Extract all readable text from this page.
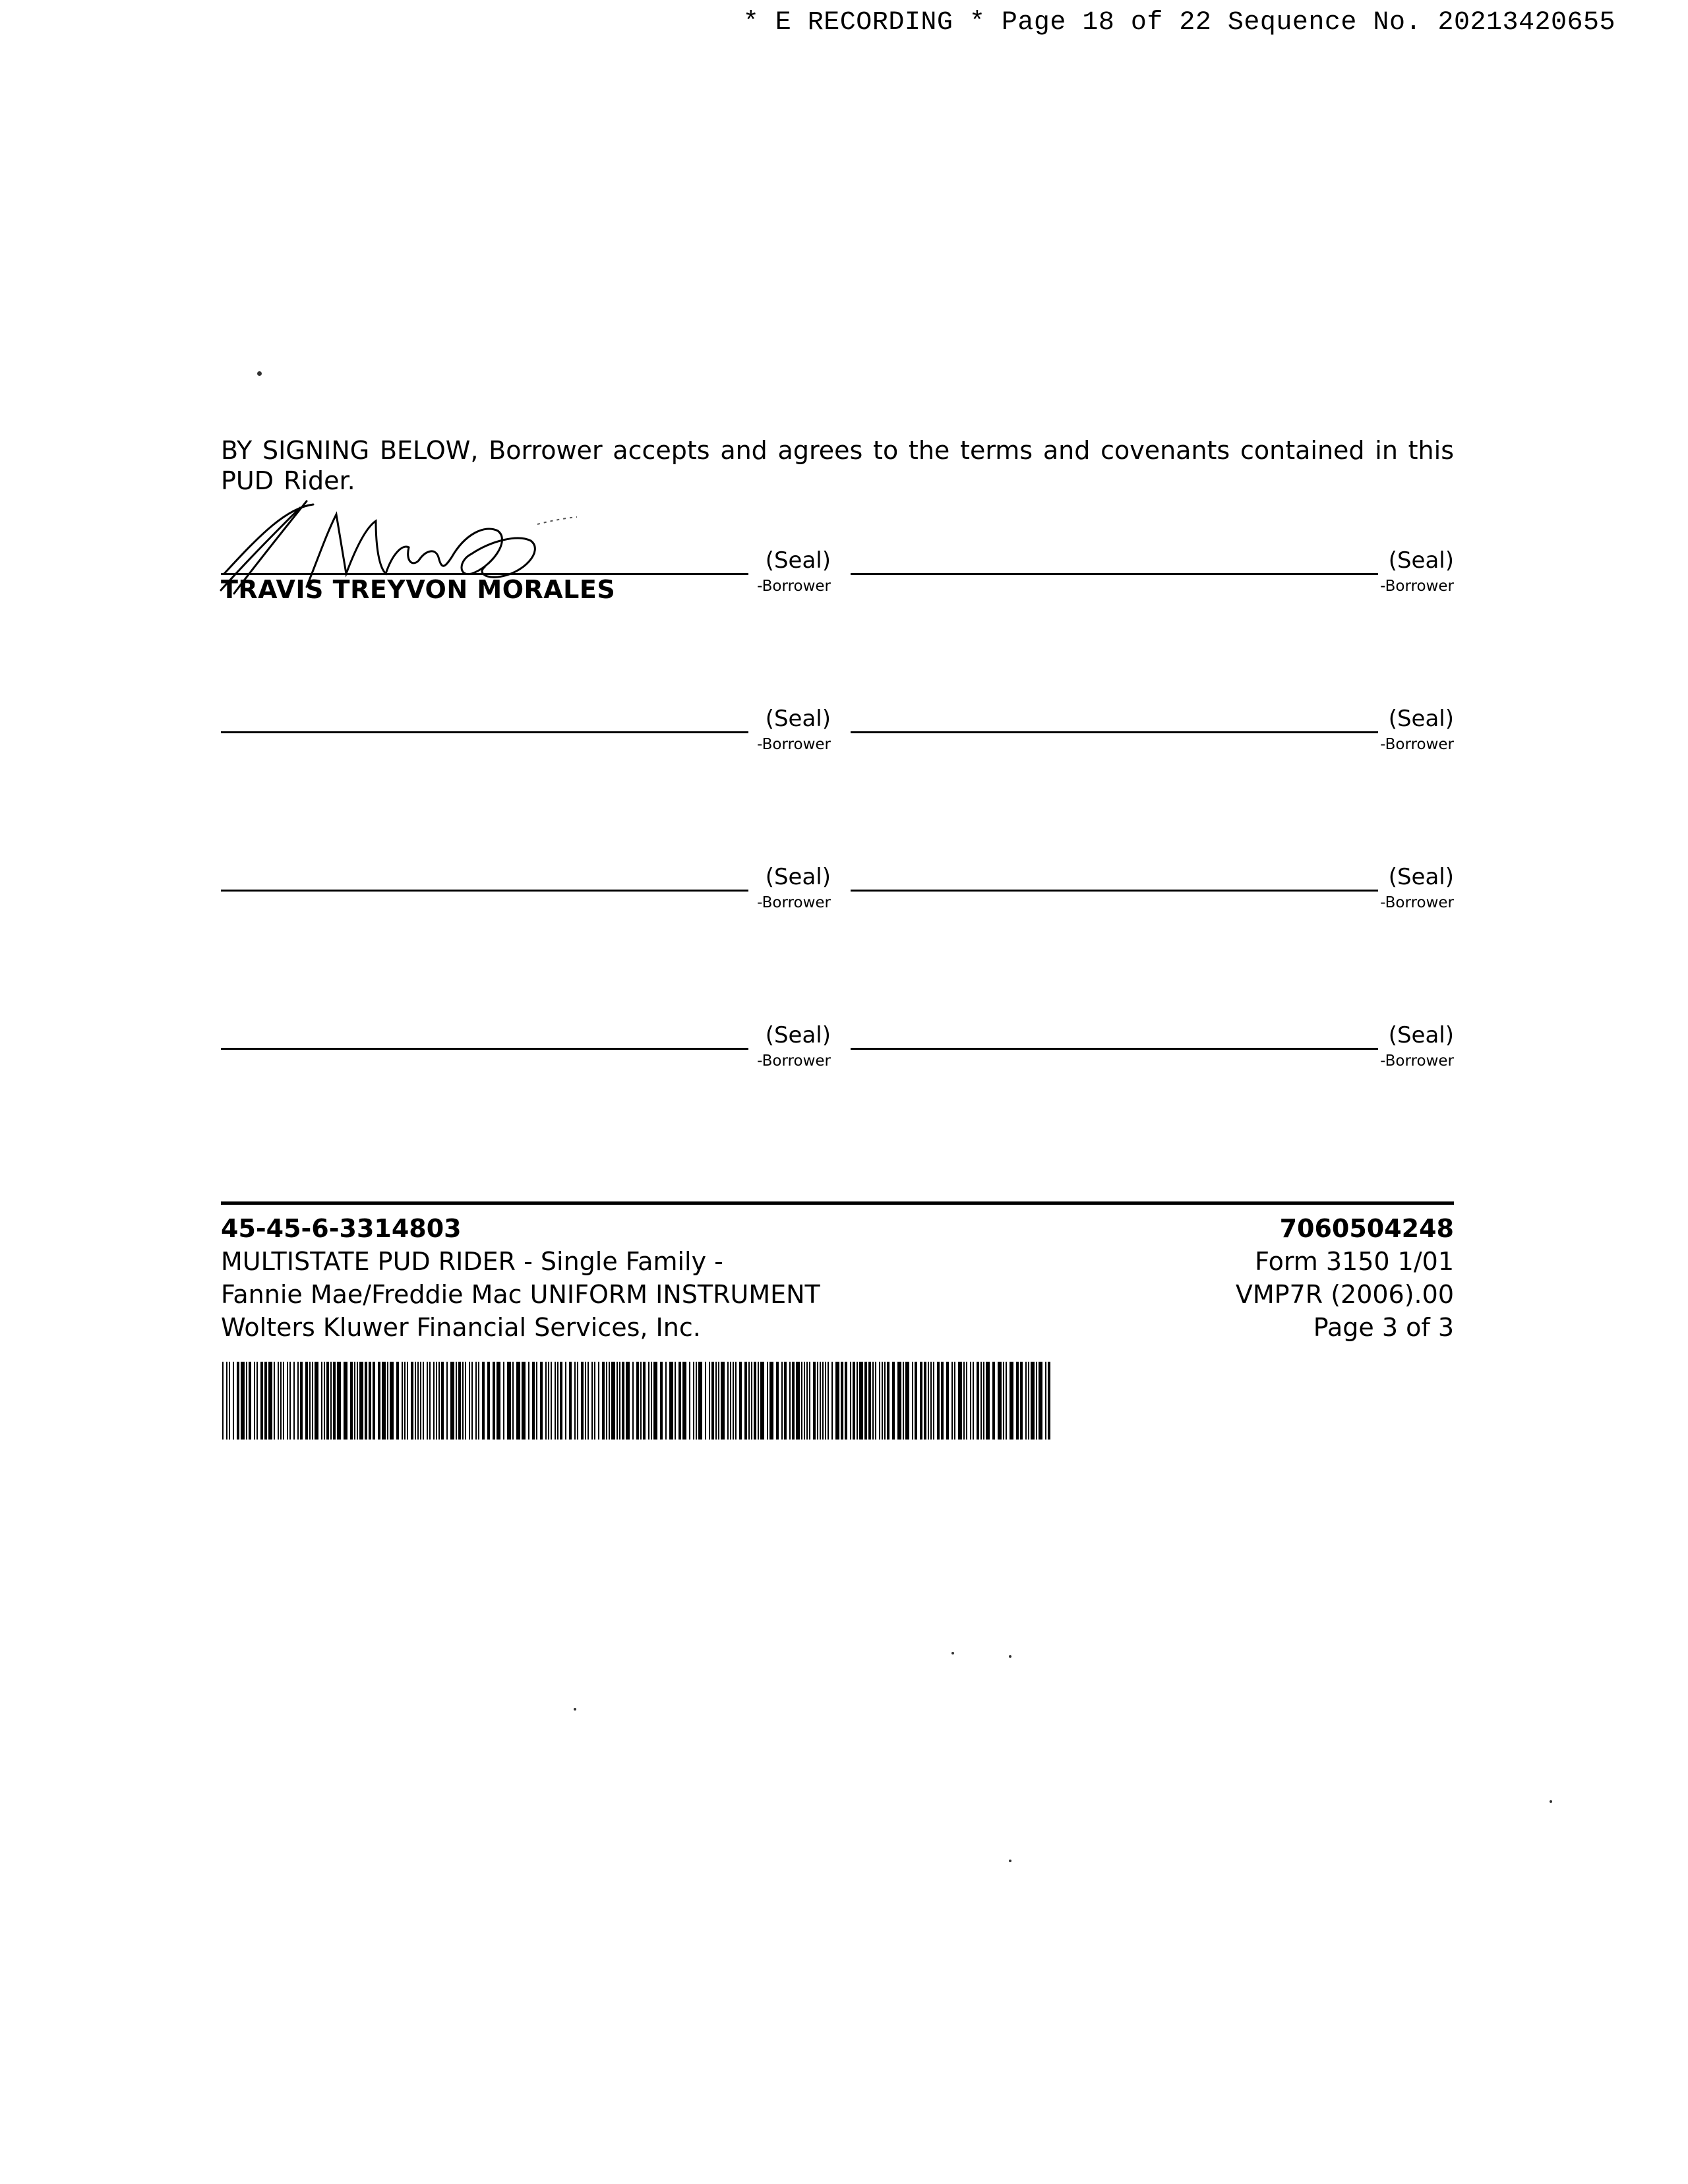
* E RECORDING * Page 18 of 22 Sequence No. 20213420655
BY SIGNING BELOW, Borrower accepts and agrees to the terms and covenants contained in this PUD Rider.
(Seal)
-Borrower
TRAVIS TREYVON MORALES
(Seal)
-Borrower
(Seal)
-Borrower
(Seal)
-Borrower
(Seal)
-Borrower
(Seal)
-Borrower
(Seal)
-Borrower
(Seal)
-Borrower
45-45-6-3314803
MULTISTATE PUD RIDER - Single Family -
Fannie Mae/Freddie Mac UNIFORM INSTRUMENT
Wolters Kluwer Financial Services, Inc.
7060504248
Form 3150 1/01
VMP7R (2006).00
Page 3 of 3
